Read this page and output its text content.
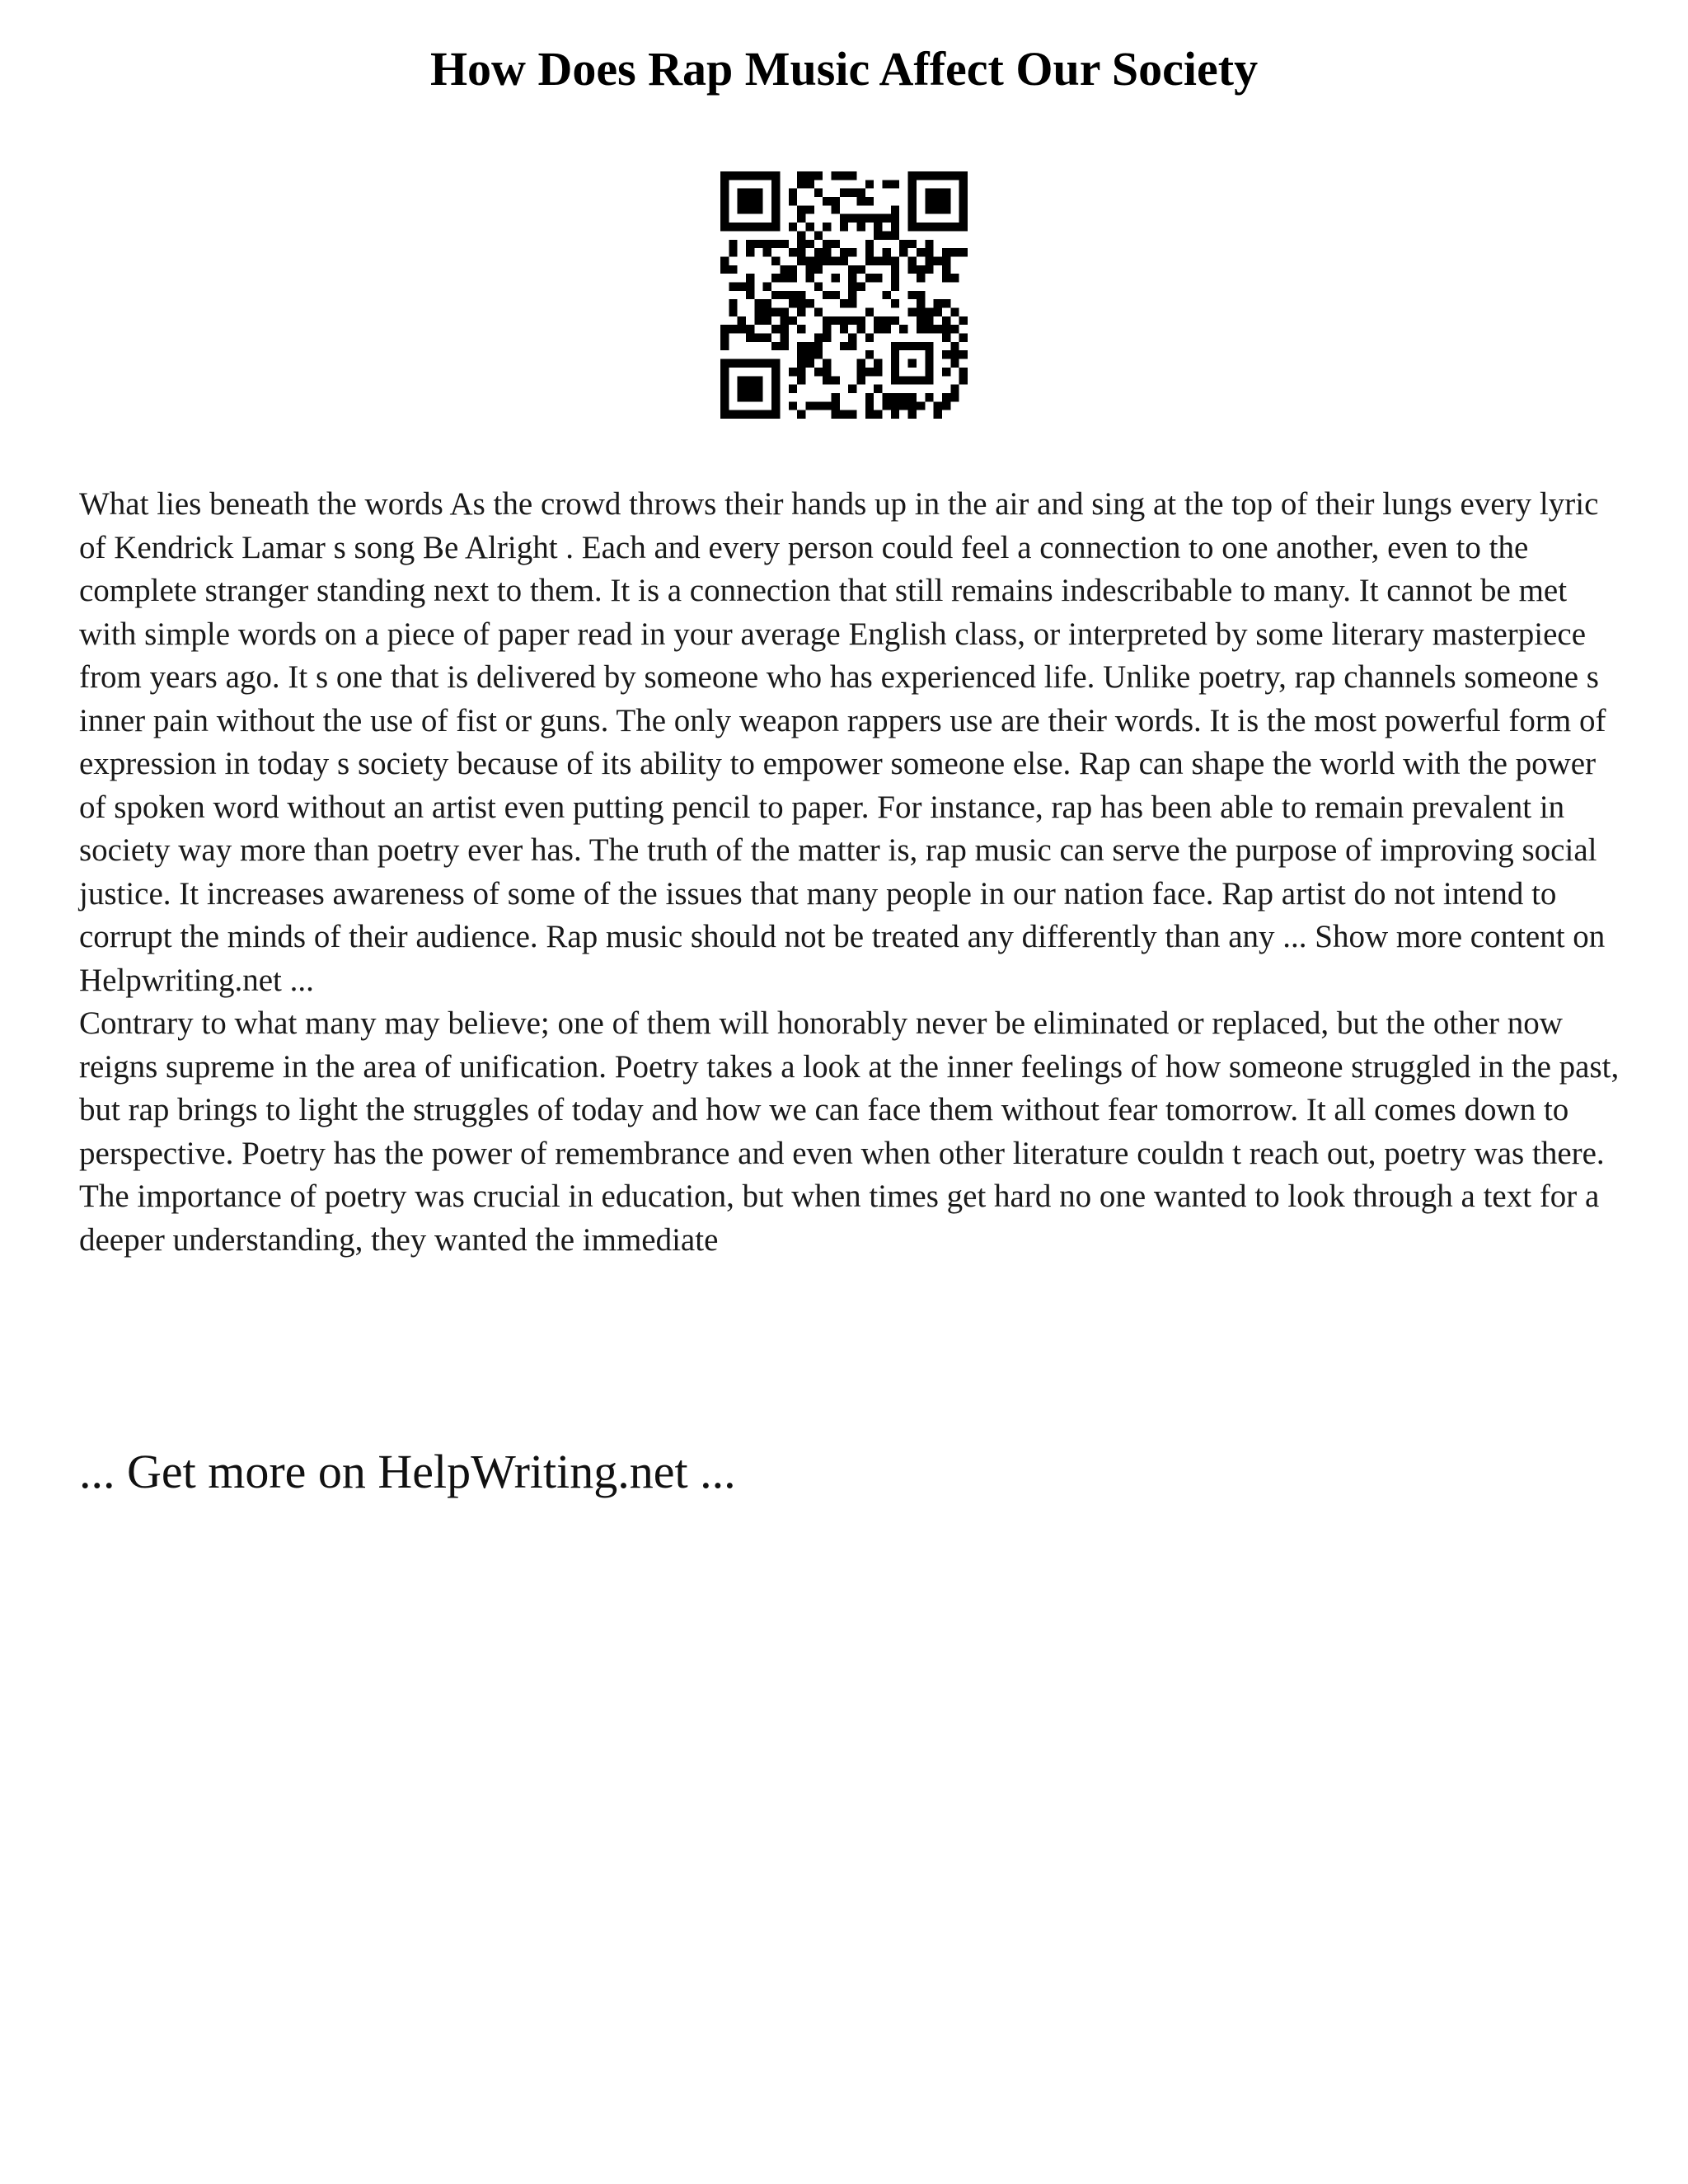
How Does Rap Music Affect Our Society

What lies beneath the words As the crowd throws their hands up in the air and sing at the top of their lungs every lyric of Kendrick Lamar s song Be Alright . Each and every person could feel a connection to one another, even to the complete stranger standing next to them. It is a connection that still remains indescribable to many. It cannot be met with simple words on a piece of paper read in your average English class, or interpreted by some literary masterpiece from years ago. It s one that is delivered by someone who has experienced life. Unlike poetry, rap channels someone s inner pain without the use of fist or guns. The only weapon rappers use are their words. It is the most powerful form of expression in today s society because of its ability to empower someone else. Rap can shape the world with the power of spoken word without an artist even putting pencil to paper. For instance, rap has been able to remain prevalent in society way more than poetry ever has. The truth of the matter is, rap music can serve the purpose of improving social justice. It increases awareness of some of the issues that many people in our nation face. Rap artist do not intend to corrupt the minds of their audience. Rap music should not be treated any differently than any ... Show more content on Helpwriting.net ...

Contrary to what many may believe; one of them will honorably never be eliminated or replaced, but the other now reigns supreme in the area of unification. Poetry takes a look at the inner feelings of how someone struggled in the past, but rap brings to light the struggles of today and how we can face them without fear tomorrow. It all comes down to perspective. Poetry has the power of remembrance and even when other literature couldn t reach out, poetry was there. The importance of poetry was crucial in education, but when times get hard no one wanted to look through a text for a deeper understanding, they wanted the immediate

... Get more on HelpWriting.net ...
